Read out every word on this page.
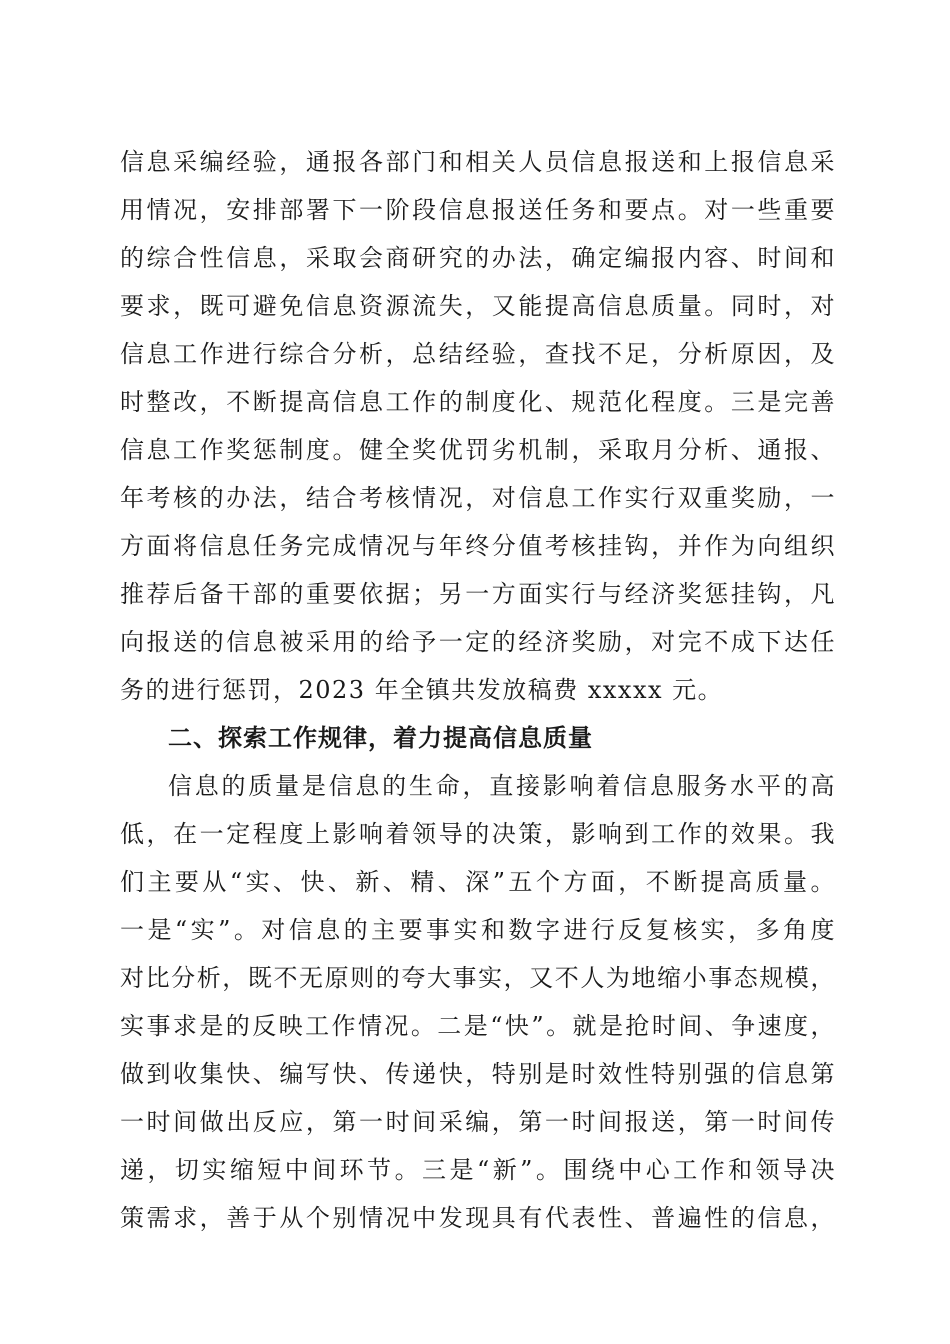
信息采编经验，通报各部门和相关人员信息报送和上报信息采
用情况，安排部署下一阶段信息报送任务和要点。对一些重要
的综合性信息，采取会商研究的办法，确定编报内容、时间和
要求，既可避免信息资源流失，又能提高信息质量。同时，对
信息工作进行综合分析，总结经验，查找不足，分析原因，及
时整改，不断提高信息工作的制度化、规范化程度。三是完善
信息工作奖惩制度。健全奖优罚劣机制，采取月分析、通报、
年考核的办法，结合考核情况，对信息工作实行双重奖励，一
方面将信息任务完成情况与年终分值考核挂钩，并作为向组织
推荐后备干部的重要依据；另一方面实行与经济奖惩挂钩，凡
向报送的信息被采用的给予一定的经济奖励，对完不成下达任
务的进行惩罚，2023 年全镇共发放稿费 xxxxx 元。
二、探索工作规律，着力提高信息质量
信息的质量是信息的生命，直接影响着信息服务水平的高
低，在一定程度上影响着领导的决策，影响到工作的效果。我
们主要从“实、快、新、精、深”五个方面，不断提高质量。
一是“实”。对信息的主要事实和数字进行反复核实，多角度
对比分析，既不无原则的夸大事实，又不人为地缩小事态规模，
实事求是的反映工作情况。二是“快”。就是抢时间、争速度，
做到收集快、编写快、传递快，特别是时效性特别强的信息第
一时间做出反应，第一时间采编，第一时间报送，第一时间传
递，切实缩短中间环节。三是“新”。围绕中心工作和领导决
策需求，善于从个别情况中发现具有代表性、普遍性的信息，
